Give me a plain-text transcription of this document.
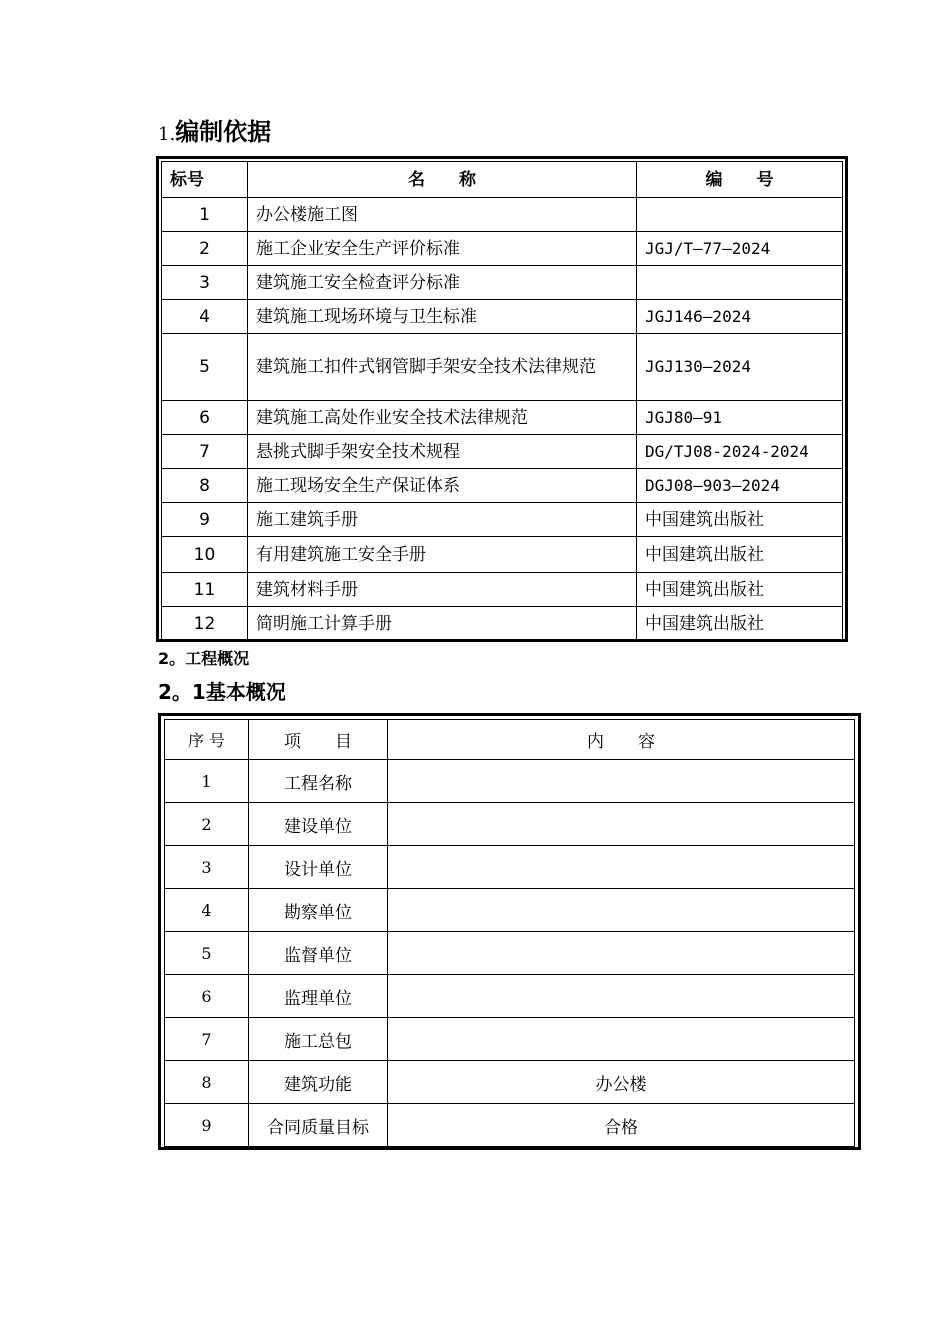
1.编制依据
标号	名　　称	编　　号
1	办公楼施工图	
2	施工企业安全生产评价标准	JGJ/T—77—2024
3	建筑施工安全检查评分标准	
4	建筑施工现场环境与卫生标准	JGJ146—2024
5	建筑施工扣件式钢管脚手架安全技术法律规范	JGJ130—2024
6	建筑施工高处作业安全技术法律规范	JGJ80—91
7	悬挑式脚手架安全技术规程	DG/TJ08-2024-2024
8	施工现场安全生产保证体系	DGJ08—903—2024
9	施工建筑手册	中国建筑出版社
10	有用建筑施工安全手册	中国建筑出版社
11	建筑材料手册	中国建筑出版社
12	简明施工计算手册	中国建筑出版社
2。工程概况
2。1基本概况
序 号	项　　目	内　　容
1	工程名称	
2	建设单位	
3	设计单位	
4	勘察单位	
5	监督单位	
6	监理单位	
7	施工总包	
8	建筑功能	办公楼
9	合同质量目标	合格
